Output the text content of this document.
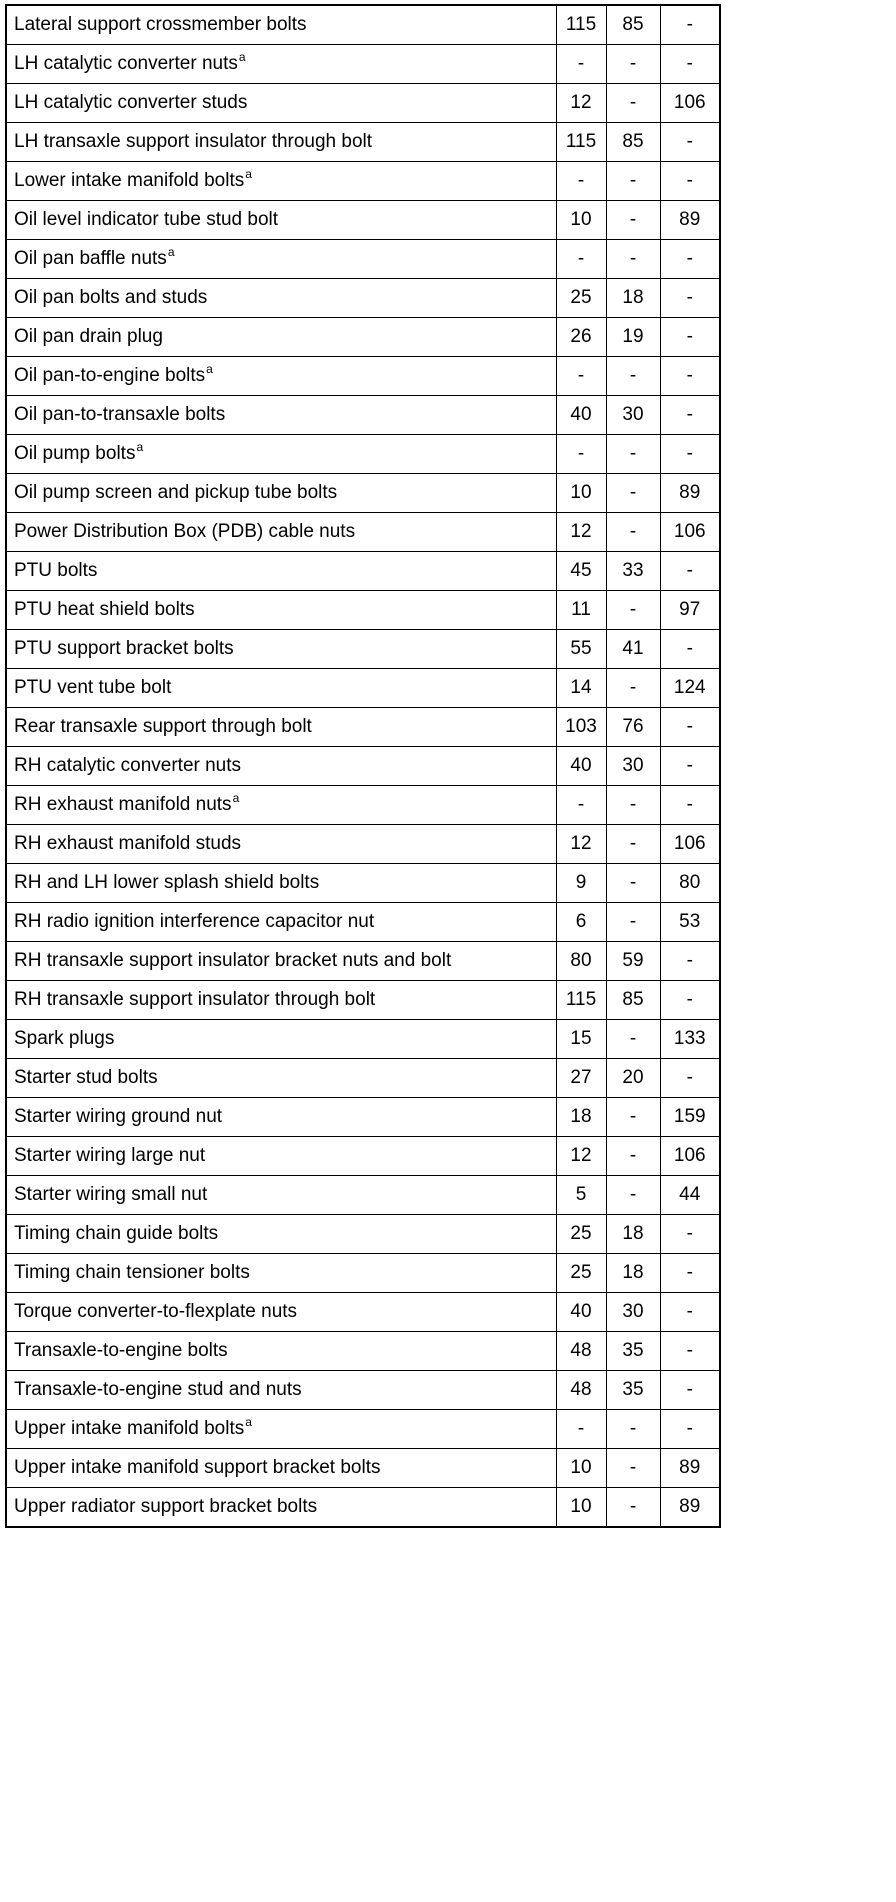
Lateral support crossmember bolts	115	85	-
LH catalytic converter nuts$^a$	-	-	-
LH catalytic converter studs	12	-	106
LH transaxle support insulator through bolt	115	85	-
Lower intake manifold bolts$^a$	-	-	-
Oil level indicator tube stud bolt	10	-	89
Oil pan baffle nuts$^a$	-	-	-
Oil pan bolts and studs	25	18	-
Oil pan drain plug	26	19	-
Oil pan-to-engine bolts$^a$	-	-	-
Oil pan-to-transaxle bolts	40	30	-
Oil pump bolts$^a$	-	-	-
Oil pump screen and pickup tube bolts	10	-	89
Power Distribution Box (PDB) cable nuts	12	-	106
PTU bolts	45	33	-
PTU heat shield bolts	11	-	97
PTU support bracket bolts	55	41	-
PTU vent tube bolt	14	-	124
Rear transaxle support through bolt	103	76	-
RH catalytic converter nuts	40	30	-
RH exhaust manifold nuts$^a$	-	-	-
RH exhaust manifold studs	12	-	106
RH and LH lower splash shield bolts	9	-	80
RH radio ignition interference capacitor nut	6	-	53
RH transaxle support insulator bracket nuts and bolt	80	59	-
RH transaxle support insulator through bolt	115	85	-
Spark plugs	15	-	133
Starter stud bolts	27	20	-
Starter wiring ground nut	18	-	159
Starter wiring large nut	12	-	106
Starter wiring small nut	5	-	44
Timing chain guide bolts	25	18	-
Timing chain tensioner bolts	25	18	-
Torque converter-to-flexplate nuts	40	30	-
Transaxle-to-engine bolts	48	35	-
Transaxle-to-engine stud and nuts	48	35	-
Upper intake manifold bolts$^a$	-	-	-
Upper intake manifold support bracket bolts	10	-	89
Upper radiator support bracket bolts	10	-	89
